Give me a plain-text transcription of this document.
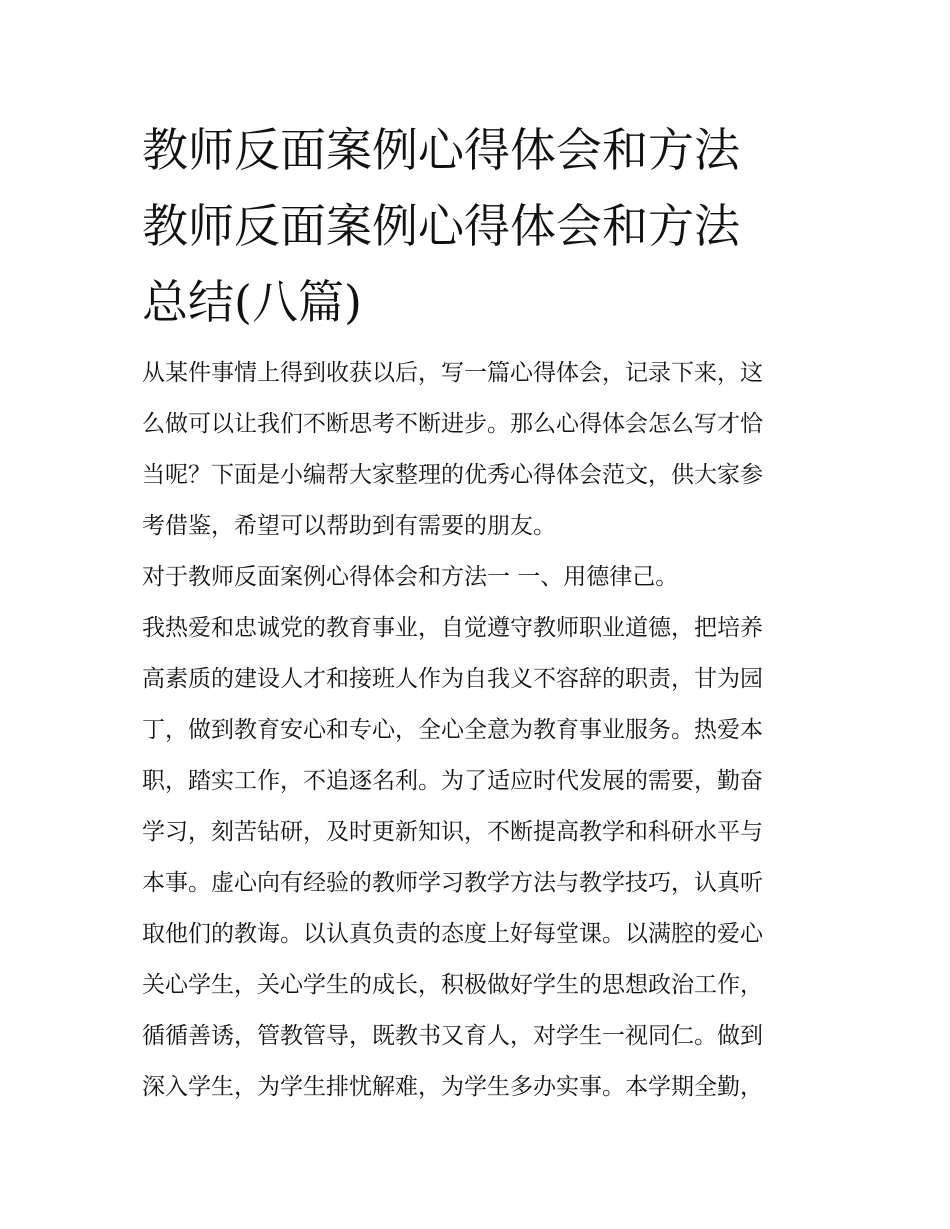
教师反面案例心得体会和方法
教师反面案例心得体会和方法
总结(八篇)
从某件事情上得到收获以后，写一篇心得体会，记录下来，这
么做可以让我们不断思考不断进步。那么心得体会怎么写才恰
当呢？下面是小编帮大家整理的优秀心得体会范文，供大家参
考借鉴，希望可以帮助到有需要的朋友。
对于教师反面案例心得体会和方法一 一、用德律己。
我热爱和忠诚党的教育事业，自觉遵守教师职业道德，把培养
高素质的建设人才和接班人作为自我义不容辞的职责，甘为园
丁，做到教育安心和专心，全心全意为教育事业服务。热爱本
职，踏实工作，不追逐名利。为了适应时代发展的需要，勤奋
学习，刻苦钻研，及时更新知识，不断提高教学和科研水平与
本事。虚心向有经验的教师学习教学方法与教学技巧，认真听
取他们的教诲。以认真负责的态度上好每堂课。以满腔的爱心
关心学生，关心学生的成长，积极做好学生的思想政治工作，
循循善诱，管教管导，既教书又育人，对学生一视同仁。做到
深入学生，为学生排忧解难，为学生多办实事。本学期全勤，
